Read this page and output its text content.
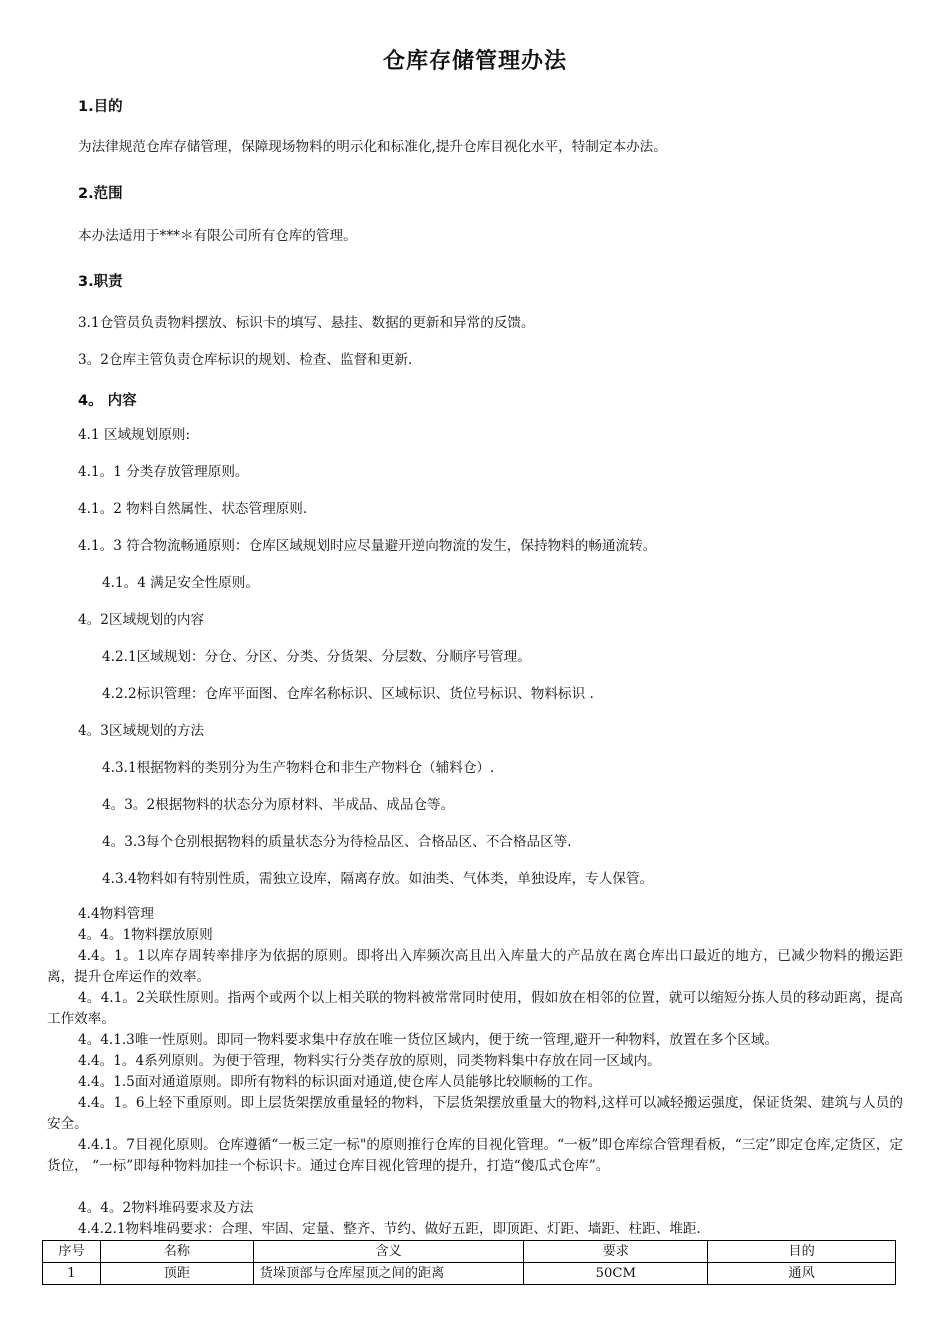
仓库存储管理办法
1.目的
为法律规范仓库存储管理，保障现场物料的明示化和标准化,提升仓库目视化水平，特制定本办法。
2.范围
本办法适用于***＊有限公司所有仓库的管理。
3.职责
3.1仓管员负责物料摆放、标识卡的填写、悬挂、数据的更新和异常的反馈。
3。2仓库主管负责仓库标识的规划、检查、监督和更新.
4。 内容
4.1 区域规划原则:
4.1。1 分类存放管理原则。
4.1。2 物料自然属性、状态管理原则.
4.1。3 符合物流畅通原则：仓库区域规划时应尽量避开逆向物流的发生，保持物料的畅通流转。
4.1。4 满足安全性原则。
4。2区域规划的内容
4.2.1区域规划：分仓、分区、分类、分货架、分层数、分顺序号管理。
4.2.2标识管理：仓库平面图、仓库名称标识、区域标识、货位号标识、物料标识 .
4。3区域规划的方法
4.3.1根据物料的类别分为生产物料仓和非生产物料仓（辅料仓）.
4。3。2根据物料的状态分为原材料、半成品、成品仓等。
4。3.3每个仓别根据物料的质量状态分为待检品区、合格品区、不合格品区等.
4.3.4物料如有特别性质，需独立设库，隔离存放。如油类、气体类，单独设库，专人保管。
4.4物料管理
4。4。1物料摆放原则
4.4。1。1以库存周转率排序为依据的原则。即将出入库频次高且出入库量大的产品放在离仓库出口最近的地方，已减少物料的搬运距离，提升仓库运作的效率。
4。4.1。2关联性原则。指两个或两个以上相关联的物料被常常同时使用，假如放在相邻的位置，就可以缩短分拣人员的移动距离，提高工作效率。
4。4.1.3唯一性原则。即同一物料要求集中存放在唯一货位区域内，便于统一管理,避开一种物料，放置在多个区域。
4.4。1。4系列原则。为便于管理，物料实行分类存放的原则，同类物料集中存放在同一区域内。
4.4。1.5面对通道原则。即所有物料的标识面对通道,使仓库人员能够比较顺畅的工作。
4.4。1。6上轻下重原则。即上层货架摆放重量轻的物料，下层货架摆放重量大的物料,这样可以减轻搬运强度，保证货架、建筑与人员的安全。
4.4.1。7目视化原则。仓库遵循“一板三定一标"的原则推行仓库的目视化管理。“一板”即仓库综合管理看板，“三定”即定仓库,定货区，定货位， “一标”即每种物料加挂一个标识卡。通过仓库目视化管理的提升，打造“傻瓜式仓库”。
4。4。2物料堆码要求及方法
4.4.2.1物料堆码要求：合理、牢固、定量、整齐、节约、做好五距，即顶距、灯距、墙距、柱距、堆距.
序号	名称	含义	要求	目的
1	顶距	货垛顶部与仓库屋顶之间的距离	50CM	通风
